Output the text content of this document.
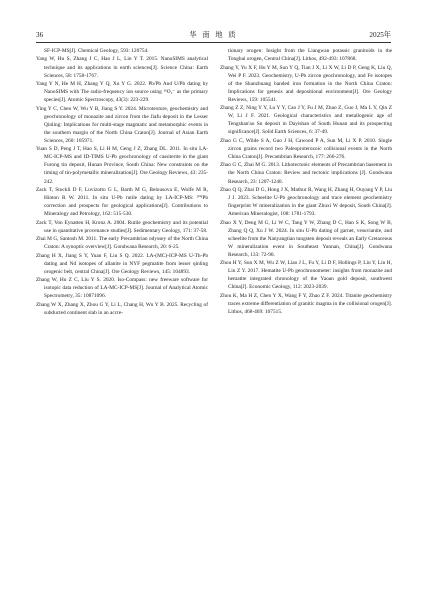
36	华 南 地 质	2025年

SF-ICP-MS[J]. Chemical Geology, 593: 120754.

Yang W, Hu S, Zhang J C, Hao J L, Lin Y T. 2015. NanoSIMS analytical technique and its applications in earth sciences[J]. Science China: Earth Sciences, 58: 1758-1767.

Yang Y N, He M H, Zhang Y Q, Xu Y G. 2022. Pb/Pb And U/Pb dating by NanoSIMS with The radio-frequency ion source using ¹⁶O₂⁻ as the primary species[J]. Atomic Spectroscopy, 43(3): 223-229.

Ying Y C, Chen W, Wu Y B, Jiang S Y. 2024. Microtexture, geochemistry and geochronology of monazite and zircon from the Jiafu deposit in the Lesser Qinling: Implications for multi-stage magmatic and metamorphic events in the southern margin of the North China Craton[J]. Journal of Asian Earth Sciences, 260: 105971.

Yuan S D, Peng J T, Hao S, Li H M, Geng J Z, Zhang DL. 2011. In situ LA-MC-ICP-MS and ID-TIMS U-Pb geochronology of cassiterite in the giant Furong tin deposit, Hunan Province, South China: New constraints on the timing of tin-polymetallic mineralization[J]. Ore Geology Reviews, 43: 235-242.

Zack T, Stockli D F, Luvizotto G L, Barth M G, Belousova E, Wolfe M R, Hinton R W. 2011. In situ U-Pb rutile dating by LA-ICP-MS: ²⁰⁸Pb correction and prospects for geological applications[J]. Contributions to Mineralogy and Petrology, 162: 515-530.

Zack T, Von Eynatten H, Kronz A. 2004. Rutile geochemistry and its potential use in quantitative provenance studies[J]. Sedimentary Geology, 171: 37-58.

Zhai M G, Santosh M. 2011. The early Precambrian odyssey of the North China Craton: A synoptic overview[J]. Gondwana Research, 20: 6-25.

Zhang H X, Jiang S Y, Yuan F, Liu S Q. 2022. LA-(MC)-ICP-MS U-Th-Pb dating and Nd isotopes of allanite in NYF pegmatite from lesser qinling orogenic belt, central China[J]. Ore Geology Reviews, 145: 104893.

Zhang W, Hu Z C, Liu Y S. 2020. Iso-Compass: new freeware software for isotopic data reduction of LA-MC-ICP-MS[J]. Journal of Analytical Atomic Spectrometry, 35: 10871096.

Zhang W X, Zhang X, Zhou G Y, Li L, Chang H, Wu Y B. 2025. Recycling of subducted continent slab in an accre-

tionary orogen: Insight from the Liangwan potassic granitoids in the Tongbai orogen, Central China[J]. Lithos, 492-493: 107868.

Zhang Y, Yu X F, Hu Y M, Sun Y Q, Tian J X, Li X W, Li D P, Geng K, Liu Q, Wei P F. 2023. Geochemistry, U-Pb zircon geochronology, and Fe isotopes of the Shanzhuang banded iron formation in the North China Craton: Implications for genesis and depositional environment[J]. Ore Geology Reviews, 159: 105541.

Zhang Z Z, Ning Y Y, Lu Y Y, Cao J Y, Fu J M, Zhao Z, Guo J, Ma L Y, Qin Z W, Li J F. 2021. Geological characteristics and metallogenic age of Tengshan'ao Sn deposit in Dayishan of South Hunan and its prospecting significance[J]. Solid Earth Sciences, 6: 37-49.

Zhao G C, Wilde S A, Guo J H, Cawood P A, Sun M, Li X P. 2010. Single zircon grains record two Paleoproterozoic collisional events in the North China Craton[J]. Precambrian Research, 177: 266-276.

Zhao G C, Zhai M G. 2013. Lithotectonic elements of Precambrian basement in the North China Craton: Review and tectonic implications [J]. Gondwana Research, 23: 1207-1240.

Zhao Q Q, Zhai D G, Hong J X, Mathur R, Wang H, Zhang H, Ouyang Y P, Liu J J. 2023. Scheelite U-Pb geochronology and trace element geochemistry fingerprint W mineralization in the giant Zhuxi W deposit, South China[J]. American Mineralogist, 108: 1781-1793.

Zhao X Y, Deng M G, Li W C, Tang Y W, Zhang D C, Han S K, Song W B, Zhang Q Q, Xu J W. 2024. In situ U-Pb dating of garnet, vesuvianite, and scheelite from the Nanyangtian tungsten deposit reveals an Early Cretaceous W mineralization event in Southeast Yunnan, China[J]. Gondwana Research, 133: 72-90.

Zhou H Y, Sun X M, Wu Z W, Liao J L, Fu Y, Li D F, Hollings P, Liu Y, Lin H, Lin Z Y. 2017. Hematite U-Pb geochronometer: insights from monazite and hematite integrated chronology of the Yaoan gold deposit, southwest China[J]. Economic Geology, 112: 2023-2039.

Zhou K, Ma H Z, Chen Y X, Wang F Y, Zhao Z F. 2024. Titanite geochemistry traces extreme differentiation of granitic magma in the collisional orogen[J]. Lithos, 468-469: 107515.
